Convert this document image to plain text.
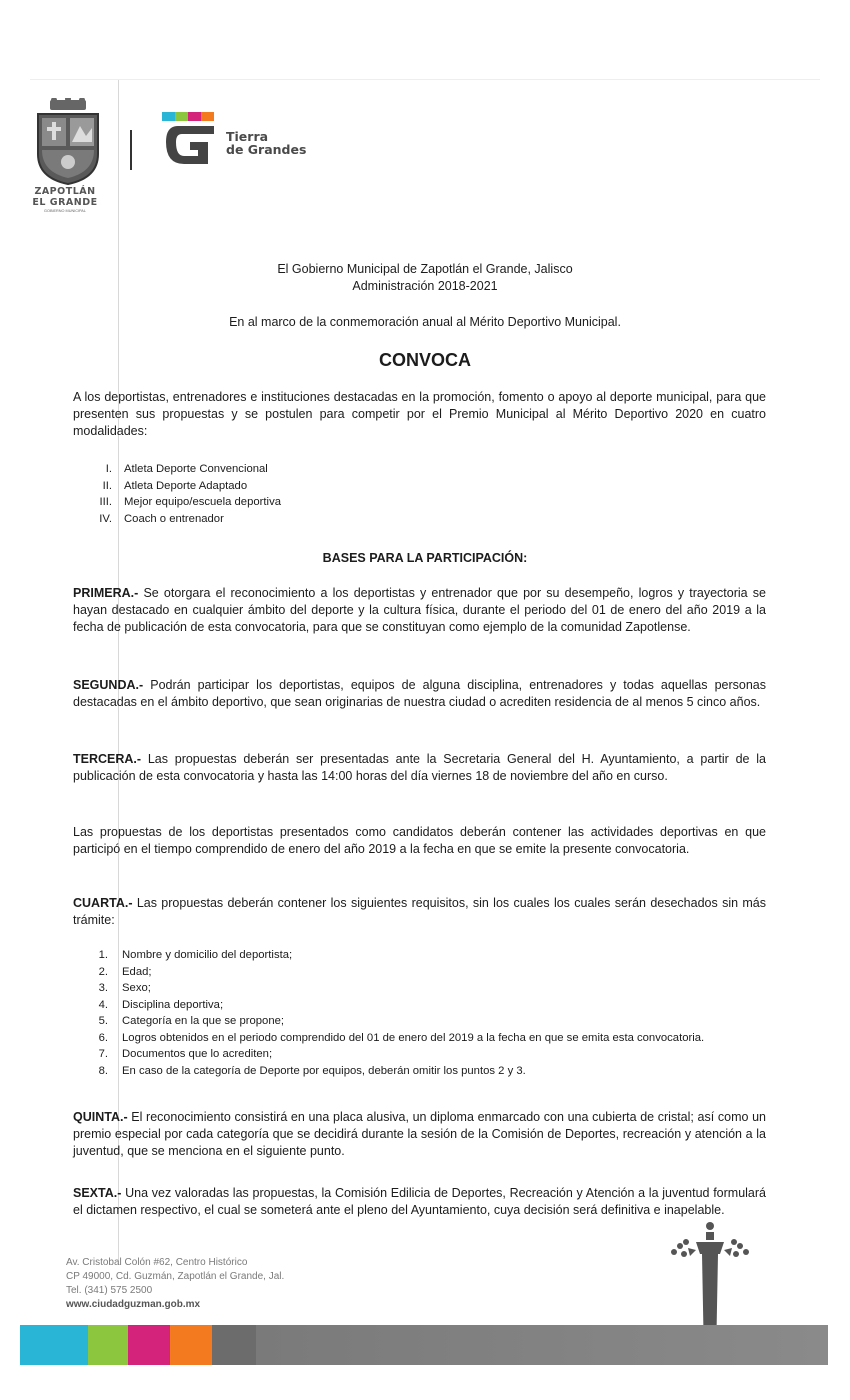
ZAPOTLÁN
EL GRANDE
GOBIERNO MUNICIPAL
Tierra
de Grandes
El Gobierno Municipal de Zapotlán el Grande, Jalisco
Administración 2018-2021
En al marco de la conmemoración anual al Mérito Deportivo Municipal.
CONVOCA
A los deportistas, entrenadores e instituciones destacadas en la promoción, fomento o apoyo al deporte municipal, para que presenten sus propuestas y se postulen para competir por el Premio Municipal al Mérito Deportivo 2020 en cuatro modalidades:
I. Atleta Deporte Convencional
II. Atleta Deporte Adaptado
III. Mejor equipo/escuela deportiva
IV. Coach o entrenador
BASES PARA LA PARTICIPACIÓN:
PRIMERA.- Se otorgara el reconocimiento a los deportistas y entrenador que por su desempeño, logros y trayectoria se hayan destacado en cualquier ámbito del deporte y la cultura física, durante el periodo del 01 de enero del año 2019 a la fecha de publicación de esta convocatoria, para que se constituyan como ejemplo de la comunidad Zapotlense.
SEGUNDA.- Podrán participar los deportistas, equipos de alguna disciplina, entrenadores y todas aquellas personas destacadas en el ámbito deportivo, que sean originarias de nuestra ciudad o acrediten residencia de al menos 5 cinco años.
TERCERA.- Las propuestas deberán ser presentadas ante la Secretaria General del H. Ayuntamiento, a partir de la publicación de esta convocatoria y hasta las 14:00 horas del día viernes 18 de noviembre del año en curso.
Las propuestas de los deportistas presentados como candidatos deberán contener las actividades deportivas en que participó en el tiempo comprendido de enero del año 2019 a la fecha en que se emite la presente convocatoria.
CUARTA.- Las propuestas deberán contener los siguientes requisitos, sin los cuales los cuales serán desechados sin más trámite:
1. Nombre y domicilio del deportista;
2. Edad;
3. Sexo;
4. Disciplina deportiva;
5. Categoría en la que se propone;
6. Logros obtenidos en el periodo comprendido del 01 de enero del 2019 a la fecha en que se emita esta convocatoria.
7. Documentos que lo acrediten;
8. En caso de la categoría de Deporte por equipos, deberán omitir los puntos 2 y 3.
QUINTA.- El reconocimiento consistirá en una placa alusiva, un diploma enmarcado con una cubierta de cristal; así como un premio especial por cada categoría que se decidirá durante la sesión de la Comisión de Deportes, recreación y atención a la juventud, que se menciona en el siguiente punto.
SEXTA.- Una vez valoradas las propuestas, la Comisión Edilicia de Deportes, Recreación y Atención a la juventud formulará el dictamen respectivo, el cual se someterá ante el pleno del Ayuntamiento, cuya decisión será definitiva e inapelable.
Av. Cristobal Colón #62, Centro Histórico
CP 49000, Cd. Guzmán, Zapotlán el Grande, Jal.
Tel. (341) 575 2500
www.ciudadguzman.gob.mx
